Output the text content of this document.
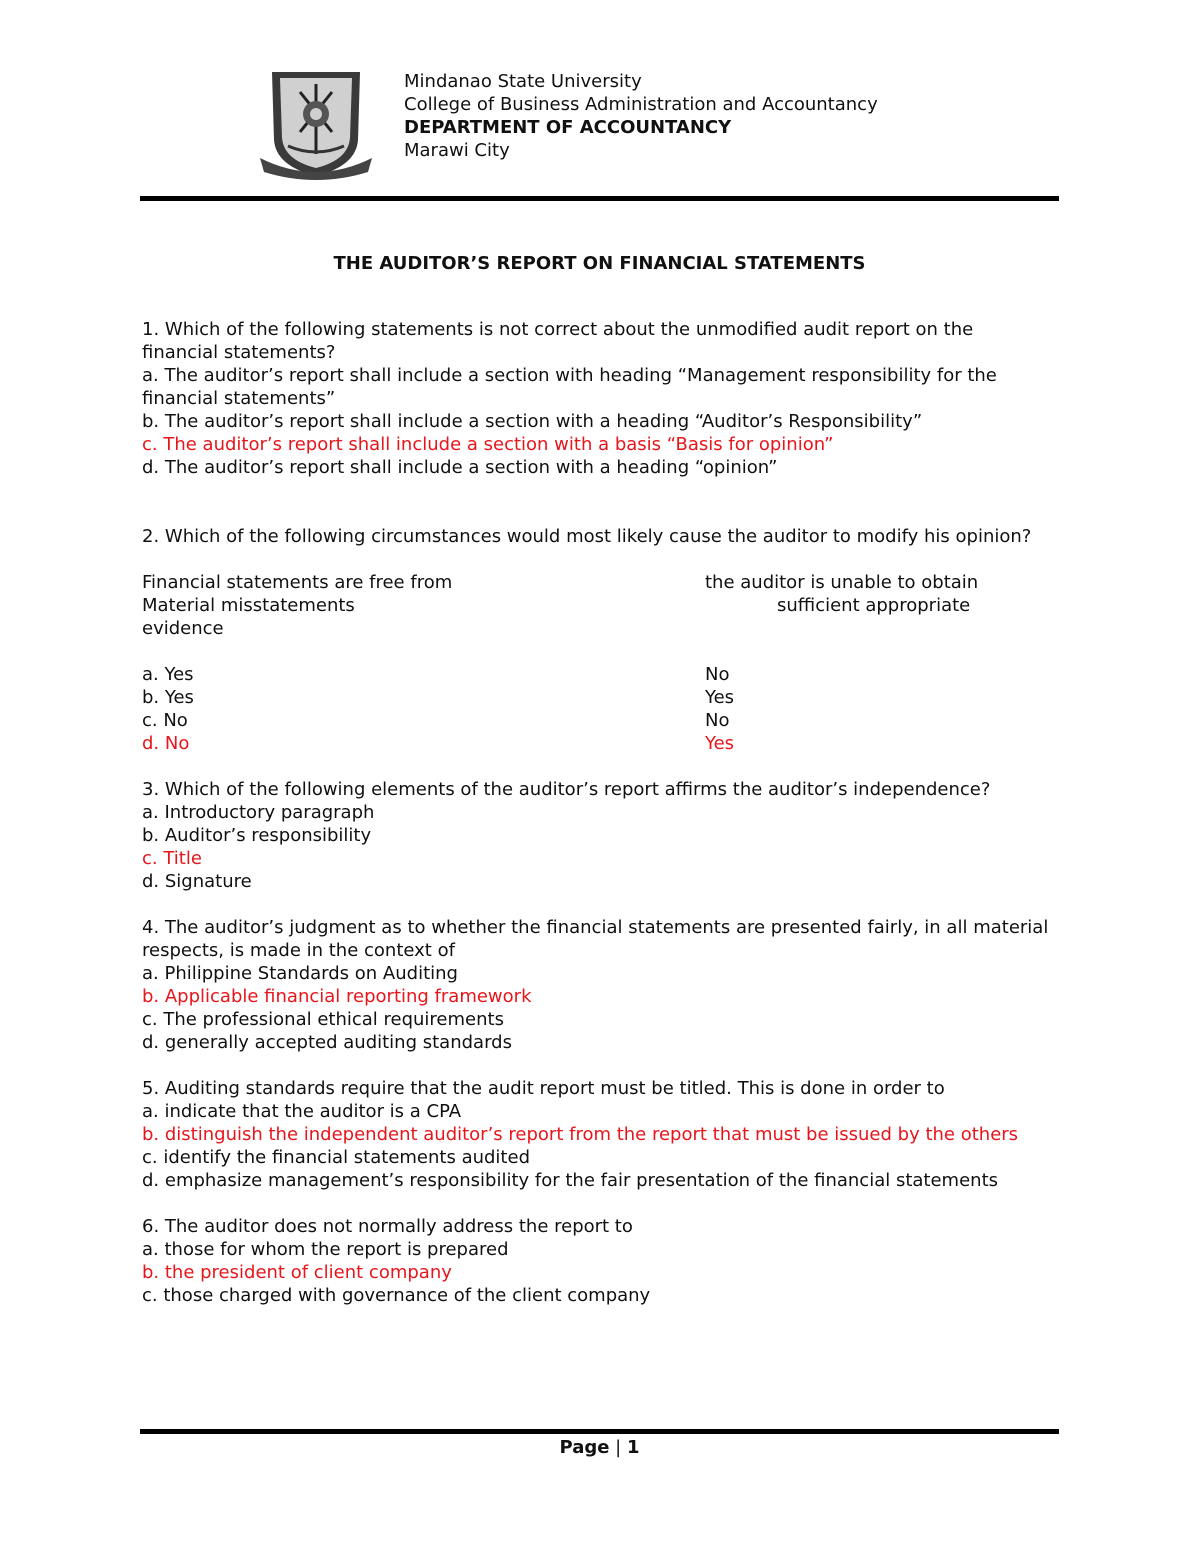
Mindanao State University
College of Business Administration and Accountancy
DEPARTMENT OF ACCOUNTANCY
Marawi City
THE AUDITOR’S REPORT ON FINANCIAL STATEMENTS

1. Which of the following statements is not correct about the unmodified audit report on the financial statements?

a. The auditor’s report shall include a section with heading “Management responsibility for the financial statements”

b. The auditor’s report shall include a section with a heading “Auditor’s Responsibility”

c. The auditor’s report shall include a section with a basis “Basis for opinion”

d. The auditor’s report shall include a section with a heading “opinion”

2. Which of the following circumstances would most likely cause the auditor to modify his opinion?

Financial statements are free from	the auditor is unable to obtain
Material misstatements	sufficient appropriate

evidence

a. Yes	No
b. Yes	Yes
c. No	No
d. No	Yes

3. Which of the following elements of the auditor’s report affirms the auditor’s independence?

a. Introductory paragraph

b. Auditor’s responsibility

c. Title

d. Signature

4. The auditor’s judgment as to whether the financial statements are presented fairly, in all material respects, is made in the context of

a. Philippine Standards on Auditing

b. Applicable financial reporting framework

c. The professional ethical requirements

d. generally accepted auditing standards

5. Auditing standards require that the audit report must be titled. This is done in order to

a. indicate that the auditor is a CPA

b. distinguish the independent auditor’s report from the report that must be issued by the others

c. identify the financial statements audited

d. emphasize management’s responsibility for the fair presentation of the financial statements

6. The auditor does not normally address the report to

a. those for whom the report is prepared

b. the president of client company

c. those charged with governance of the client company

Page | 1
